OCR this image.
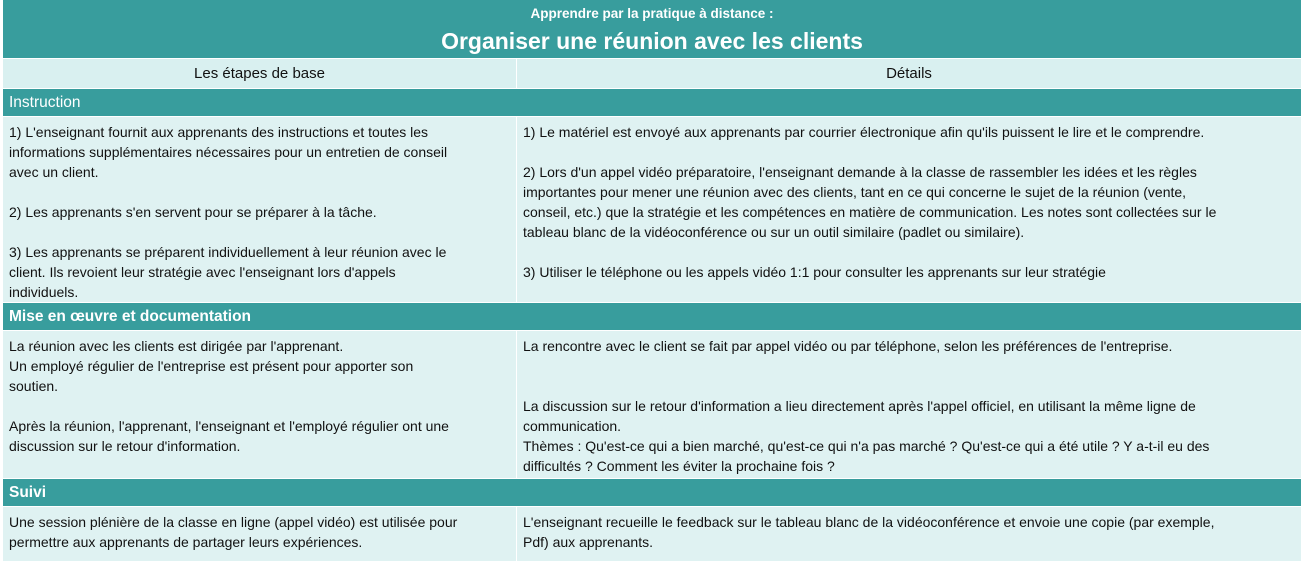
Apprendre par la pratique à distance :
Organiser une réunion avec les clients
Les étapes de base	Détails
Instruction

1) L'enseignant fournit aux apprenants des instructions et toutes les
informations supplémentaires nécessaires pour un entretien de conseil
avec un client.

2) Les apprenants s'en servent pour se préparer à la tâche.

3) Les apprenants se préparent individuellement à leur réunion avec le
client. Ils revoient leur stratégie avec l'enseignant lors d'appels
individuels.

1) Le matériel est envoyé aux apprenants par courrier électronique afin qu'ils puissent le lire et le comprendre.

2) Lors d'un appel vidéo préparatoire, l'enseignant demande à la classe de rassembler les idées et les règles
importantes pour mener une réunion avec des clients, tant en ce qui concerne le sujet de la réunion (vente,
conseil, etc.) que la stratégie et les compétences en matière de communication. Les notes sont collectées sur le
tableau blanc de la vidéoconférence ou sur un outil similaire (padlet ou similaire).

3) Utiliser le téléphone ou les appels vidéo 1:1 pour consulter les apprenants sur leur stratégie

Mise en œuvre et documentation

La réunion avec les clients est dirigée par l'apprenant.
Un employé régulier de l'entreprise est présent pour apporter son
soutien.

Après la réunion, l'apprenant, l'enseignant et l'employé régulier ont une
discussion sur le retour d'information.

La rencontre avec le client se fait par appel vidéo ou par téléphone, selon les préférences de l'entreprise.

La discussion sur le retour d'information a lieu directement après l'appel officiel, en utilisant la même ligne de
communication.
Thèmes : Qu'est-ce qui a bien marché, qu'est-ce qui n'a pas marché ? Qu'est-ce qui a été utile ? Y a-t-il eu des
difficultés ? Comment les éviter la prochaine fois ?

Suivi

Une session plénière de la classe en ligne (appel vidéo) est utilisée pour
permettre aux apprenants de partager leurs expériences.

L'enseignant recueille le feedback sur le tableau blanc de la vidéoconférence et envoie une copie (par exemple,
Pdf) aux apprenants.
